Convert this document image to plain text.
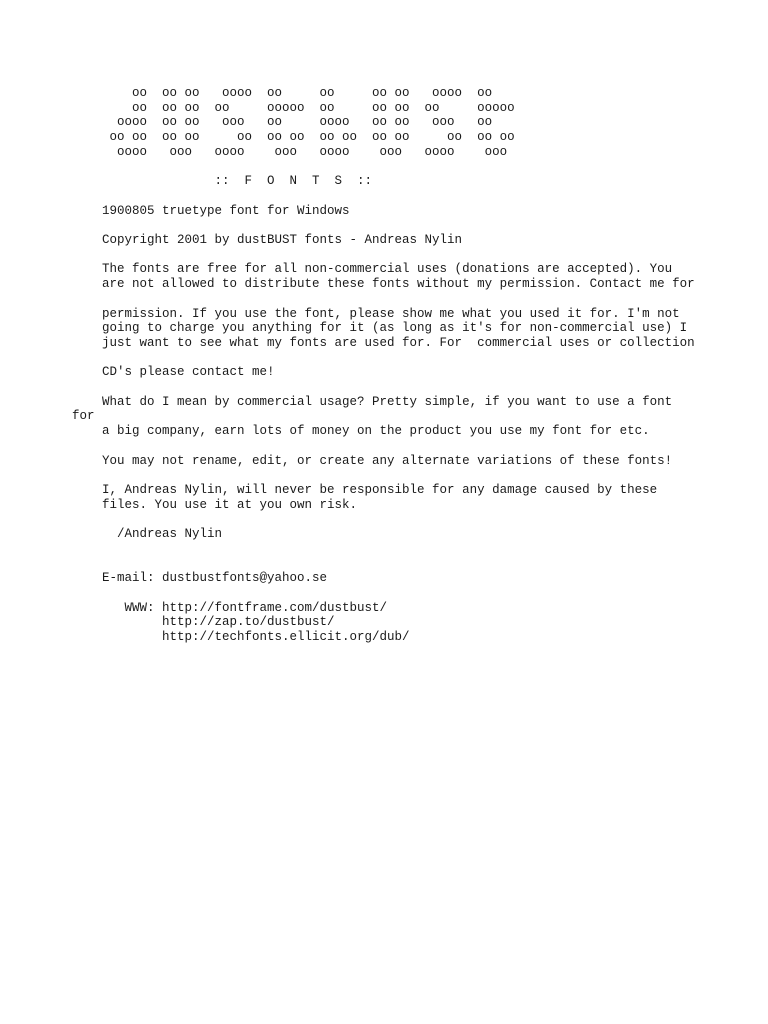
oo  oo oo   oooo  oo     oo     oo oo   oooo  oo
oo  oo oo  oo     ooooo  oo     oo oo  oo     ooooo
oooo  oo oo   ooo   oo     oooo   oo oo   ooo   oo
oo oo  oo oo     oo  oo oo  oo oo  oo oo     oo  oo oo
oooo   ooo   oooo    ooo   oooo    ooo   oooo    ooo

::  F  O  N  T  S  ::

1900805 truetype font for Windows

Copyright 2001 by dustBUST fonts - Andreas Nylin

The fonts are free for all non-commercial uses (donations are accepted). You
are not allowed to distribute these fonts without my permission. Contact me for

permission. If you use the font, please show me what you used it for. I'm not
going to charge you anything for it (as long as it's for non-commercial use) I
just want to see what my fonts are used for. For  commercial uses or collection

CD's please contact me!

What do I mean by commercial usage? Pretty simple, if you want to use a font
for
a big company, earn lots of money on the product you use my font for etc.

You may not rename, edit, or create any alternate variations of these fonts!

I, Andreas Nylin, will never be responsible for any damage caused by these
files. You use it at you own risk.

/Andreas Nylin

E-mail: dustbustfonts@yahoo.se

WWW: http://fontframe.com/dustbust/
http://zap.to/dustbust/
http://techfonts.ellicit.org/dub/
